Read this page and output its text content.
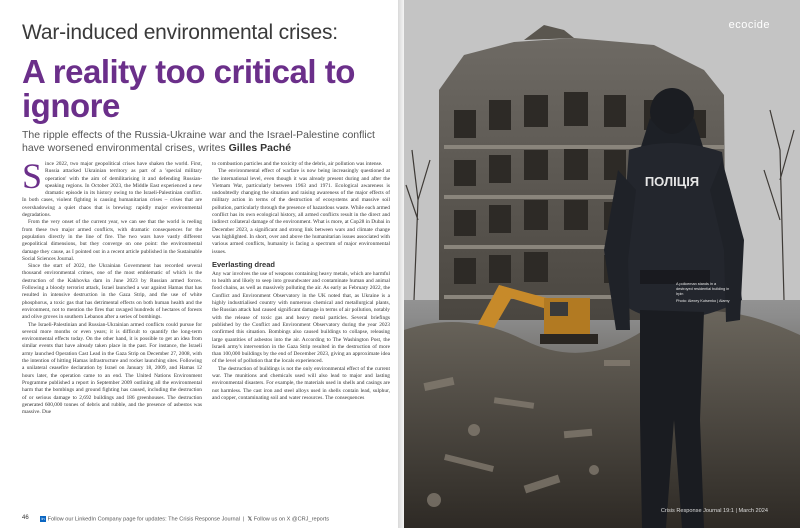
War-induced environmental crises:
A reality too critical to ignore
The ripple effects of the Russia-Ukraine war and the Israel-Palestine conflict have worsened environmental crises, writes Gilles Paché
S ince 2022, two major geopolitical crises have shaken the world. First, Russia attacked Ukrainian territory as part of a 'special military operation' with the aim of demilitarising it and defending Russian-speaking regions. In October 2023, the Middle East experienced a new dramatic episode in its history owing to the Israeli-Palestinian conflict. In both cases, violent fighting is causing humanitarian crises – crises that are overshadowing a quiet chaos that is brewing: rapidly major environmental degradations.

From the very onset of the current year, we can see that the world is reeling from these two major armed conflicts, with dramatic consequences for the population directly in the line of fire. The two wars have vastly different geopolitical dimensions, but they converge on one point: the environmental damage they cause, as I pointed out in a recent article published in the Sustainable Social Sciences Journal.

Since the start of 2022, the Ukrainian Government has recorded several thousand environmental crimes, one of the most emblematic of which is the destruction of the Kakhovka dam in June 2023 by Russian armed forces. Following a bloody terrorist attack, Israel launched a war against Hamas that has resulted in intensive destruction in the Gaza Strip, and the use of white phosphorus, a toxic gas that has detrimental effects on both human health and the environment, not to mention the fires that ravaged hundreds of hectares of forests and olive groves in southern Lebanon after a series of bombings.

The Israeli-Palestinian and Russian-Ukrainian armed conflicts could pursue for several more months or even years; it is difficult to quantify the long-term environmental effects today. On the other hand, it is possible to get an idea from similar events that have already taken place in the past. For instance, the Israeli army launched Operation Cast Lead in the Gaza Strip on December 27, 2008, with the intention of hitting Hamas infrastructure and rocket launching sites. Following a unilateral ceasefire declaration by Israel on January 18, 2009, and Hamas 12 hours later, the operation came to an end. The United Nations Environment Programme published a report in September 2009 outlining all the environmental harm that the bombings and ground fighting has caused, including the destruction of or serious damage to 2,692 buildings and 186 greenhouses. The destruction generated 600,000 tonnes of debris and rubble, and the presence of asbestos was massive. Due

to combustion particles and the toxicity of the debris, air pollution was intense.

The environmental effect of warfare is now being increasingly questioned at the international level, even though it was already present during and after the Vietnam War, particularly between 1963 and 1971. Ecological awareness is undoubtedly changing the situation and raising awareness of the major effects of military action in terms of the destruction of ecosystems and massive soil pollution, particularly through the presence of hazardous waste. While each armed conflict has its own ecological history, all armed conflicts result in the direct and indirect collateral damage of the environment. What is more, at Cop28 in Dubai in December 2023, a significant and strong link between wars and climate change was highlighted. In short, over and above the humanitarian issues associated with various armed conflicts, humanity is facing a spectrum of major environmental issues.

Everlasting dread

Any war involves the use of weapons containing heavy metals, which are harmful to health and likely to seep into groundwater and contaminate human and animal food chains, as well as massively polluting the air. As early as February 2022, the Conflict and Environment Observatory in the UK noted that, as Ukraine is a highly industrialised country with numerous chemical and metallurgical plants, the Russian attack had caused significant damage in terms of air pollution, notably with the release of toxic gas and heavy metal particles. Several briefings published by the Conflict and Environment Observatory during the year 2023 confirmed this situation. Bombings also caused buildings to collapse, releasing large quantities of asbestos into the air. According to The Washington Post, the Israeli army's intervention in the Gaza Strip resulted in the destruction of more than 100,000 buildings by the end of December 2023, giving an approximate idea of the level of pollution that the locals experienced.

The destruction of buildings is not the only environmental effect of the current war. The munitions and chemicals used will also lead to major and lasting environmental disasters. For example, the materials used in shells and casings are not harmless. The cast iron and steel alloys used in shells contain lead, sulphur, and copper, contaminating soil and water resources. The consequences

46	in Follow our LinkedIn Company page for updates: The Crisis Response Journal  |  𝕏 Follow us on X @CRJ_reports
ПОЛІЦІЯ
ecocide
A policeman stands in a destroyed residential building in Irpin
Photo: Alexey Kutsenko | Alamy
Crisis Response Journal 19:1 | March 2024
